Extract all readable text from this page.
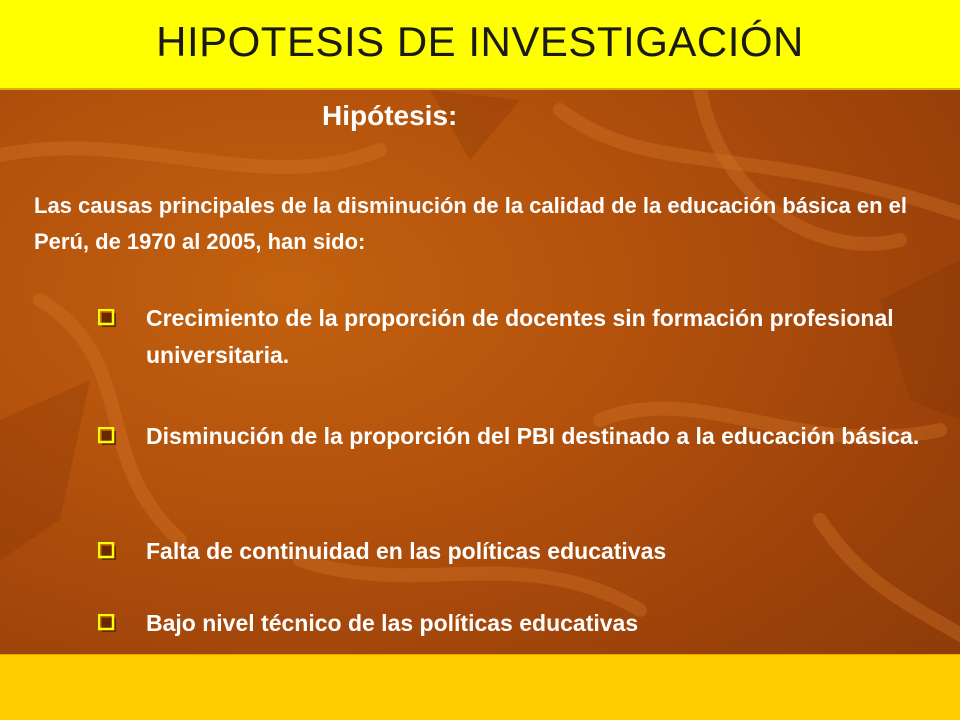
HIPOTESIS DE INVESTIGACIÓN
Hipótesis:
Las causas principales de la disminución de la calidad de la educación básica en el Perú, de 1970 al 2005, han sido:
Crecimiento de la proporción de docentes sin formación profesional universitaria.
Disminución de la proporción del PBI destinado a la educación básica.
Falta de continuidad en las políticas educativas
Bajo nivel técnico de las políticas educativas
